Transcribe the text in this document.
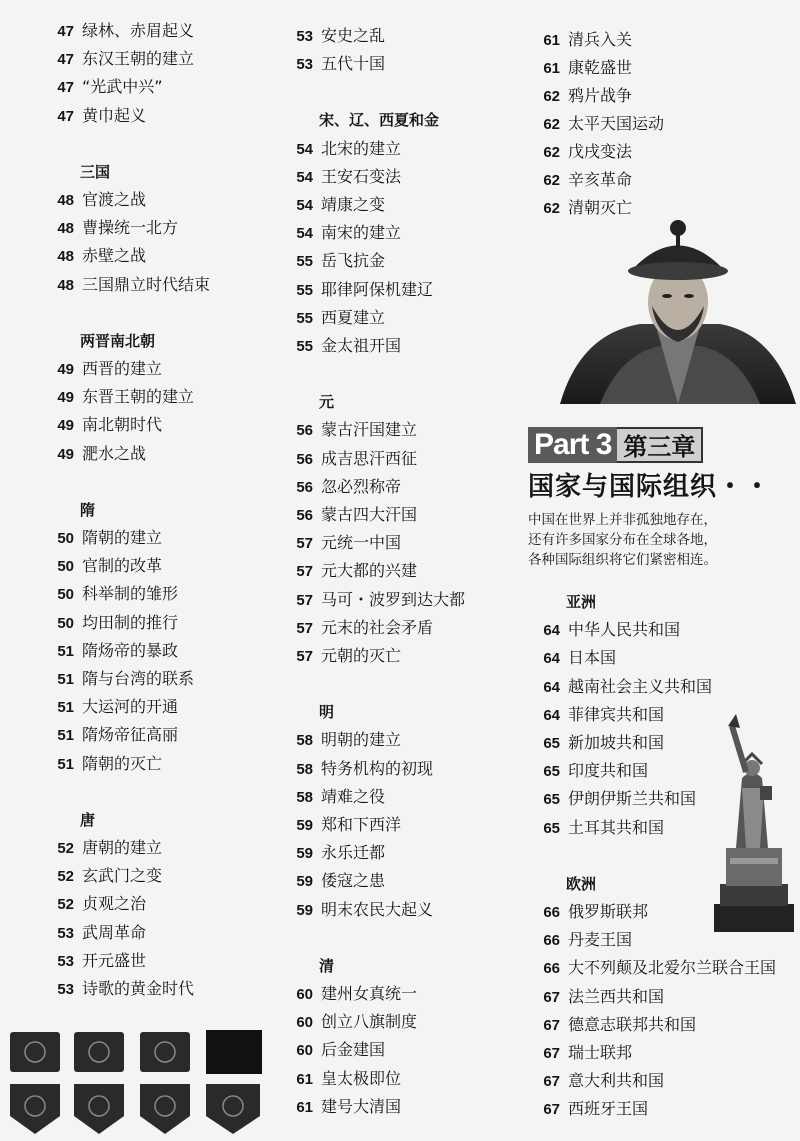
47 绿林、赤眉起义
47 东汉王朝的建立
47 “光武中兴”
47 黄巾起义
三国
48 官渡之战
48 曹操统一北方
48 赤壁之战
48 三国鼎立时代结束
两晋南北朝
49 西晋的建立
49 东晋王朝的建立
49 南北朝时代
49 淝水之战
隋
50 隋朝的建立
50 官制的改革
50 科举制的雏形
50 均田制的推行
51 隋炀帝的暴政
51 隋与台湾的联系
51 大运河的开通
51 隋炀帝征高丽
51 隋朝的灭亡
唐
52 唐朝的建立
52 玄武门之变
52 贞观之治
53 武周革命
53 开元盛世
53 诗歌的黄金时代
53 安史之乱
53 五代十国
宋、辽、西夏和金
54 北宋的建立
54 王安石变法
54 靖康之变
54 南宋的建立
55 岳飞抗金
55 耶律阿保机建辽
55 西夏建立
55 金太祖开国
元
56 蒙古汗国建立
56 成吉思汗西征
56 忽必烈称帝
56 蒙古四大汗国
57 元统一中国
57 元大都的兴建
57 马可・波罗到达大都
57 元末的社会矛盾
57 元朝的灭亡
明
58 明朝的建立
58 特务机构的初现
58 靖难之役
59 郑和下西洋
59 永乐迁都
59 倭寇之患
59 明末农民大起义
清
60 建州女真统一
60 创立八旗制度
60 后金建国
61 皇太极即位
61 建号大清国
61 清兵入关
61 康乾盛世
62 鸦片战争
62 太平天国运动
62 戊戌变法
62 辛亥革命
62 清朝灭亡
亚洲
64 中华人民共和国
64 日本国
64 越南社会主义共和国
64 菲律宾共和国
65 新加坡共和国
65 印度共和国
65 伊朗伊斯兰共和国
65 土耳其共和国
欧洲
66 俄罗斯联邦
66 丹麦王国
66 大不列颠及北爱尔兰联合王国
67 法兰西共和国
67 德意志联邦共和国
67 瑞士联邦
67 意大利共和国
67 西班牙王国
Part 3 第三章
国家与国际组织・・
中国在世界上并非孤独地存在，
还有许多国家分布在全球各地，
各种国际组织将它们紧密相连。
